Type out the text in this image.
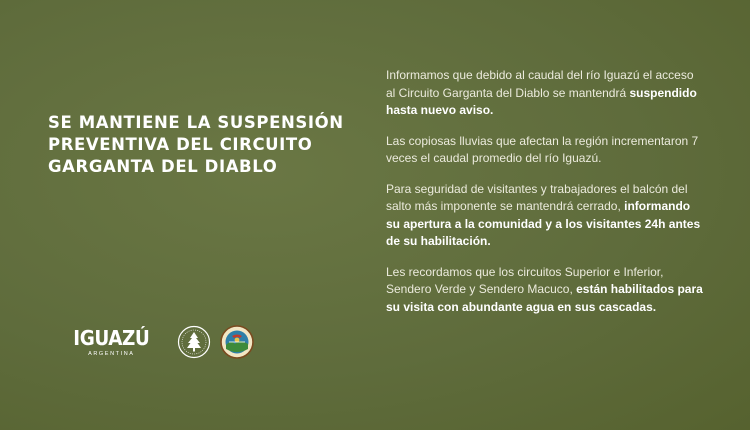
SE MANTIENE LA SUSPENSIÓN PREVENTIVA DEL CIRCUITO GARGANTA DEL DIABLO

Informamos que debido al caudal del río Iguazú el acceso al Circuito Garganta del Diablo se mantendrá suspendido hasta nuevo aviso.

Las copiosas lluvias que afectan la región incrementaron 7 veces el caudal promedio del río Iguazú.

Para seguridad de visitantes y trabajadores el balcón del salto más imponente se mantendrá cerrado, informando su apertura a la comunidad y a los visitantes 24h antes de su habilitación.

Les recordamos que los circuitos Superior e Inferior, Sendero Verde y Sendero Macuco, están habilitados para su visita con abundante agua en sus cascadas.

IGUAZÚ
ARGENTINA
